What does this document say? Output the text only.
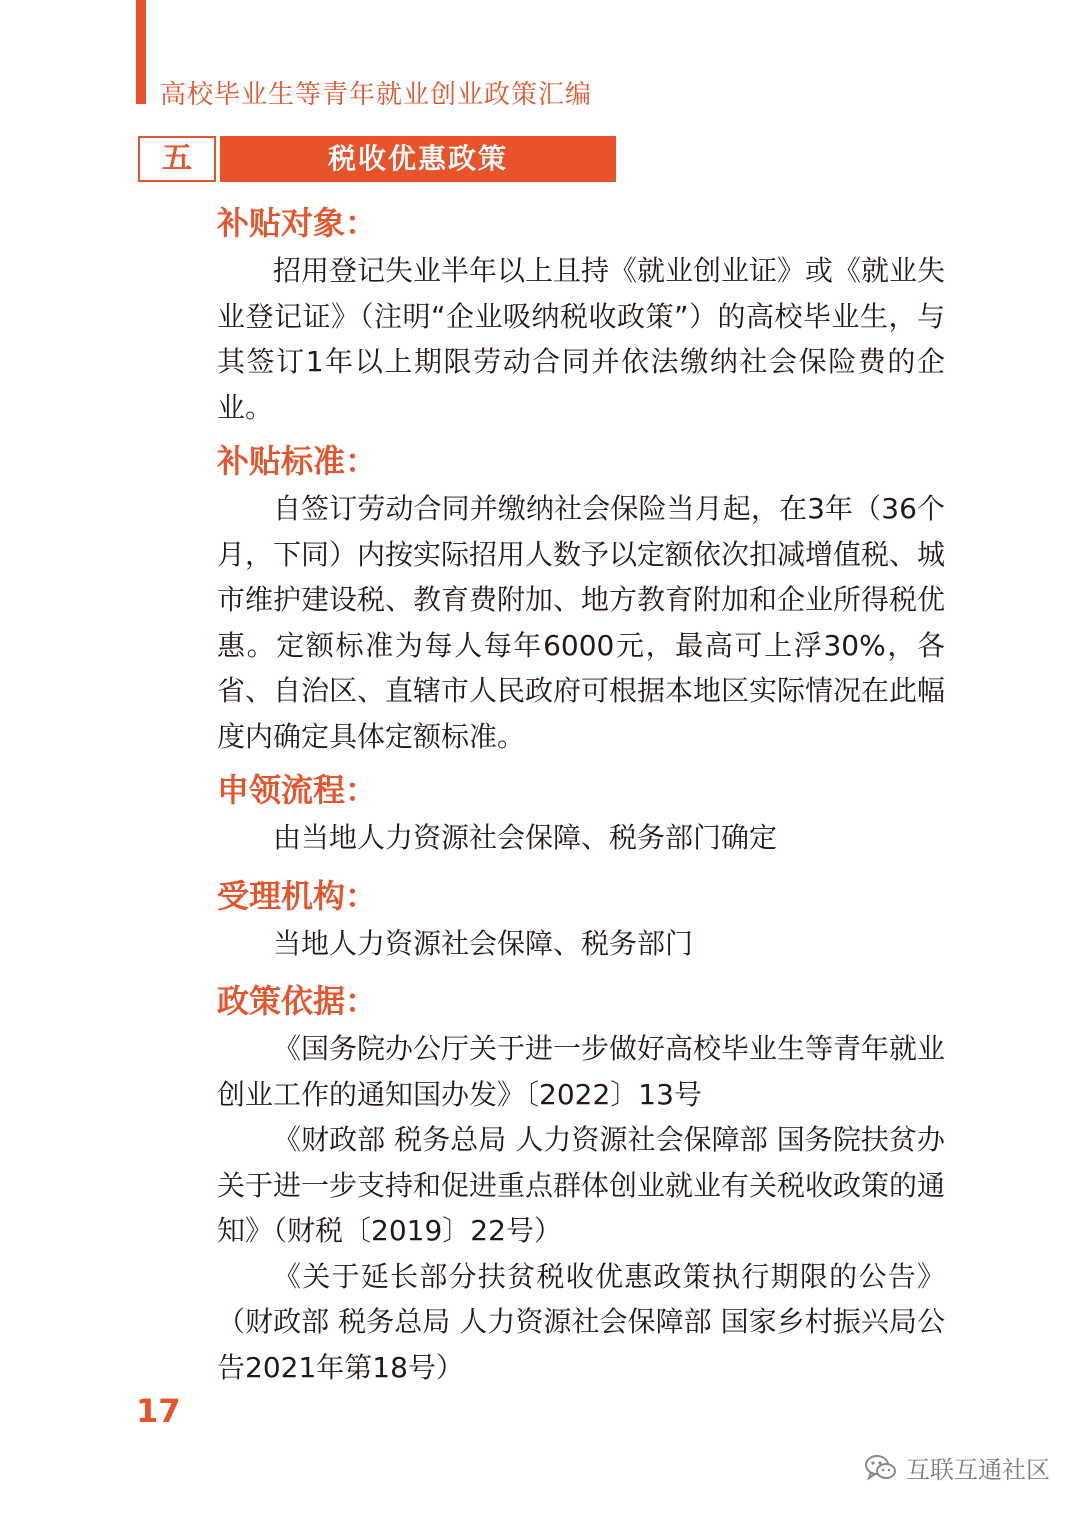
高校毕业生等青年就业创业政策汇编
五	税收优惠政策
补贴对象：

招用登记失业半年以上且持《就业创业证》或《就业失业登记证》（注明“企业吸纳税收政策”）的高校毕业生，与其签订1年以上期限劳动合同并依法缴纳社会保险费的企业。

补贴标准：

自签订劳动合同并缴纳社会保险当月起，在3年（36个月，下同）内按实际招用人数予以定额依次扣减增值税、城市维护建设税、教育费附加、地方教育附加和企业所得税优惠。定额标准为每人每年6000元，最高可上浮30%，各省、自治区、直辖市人民政府可根据本地区实际情况在此幅度内确定具体定额标准。

申领流程：

由当地人力资源社会保障、税务部门确定

受理机构：

当地人力资源社会保障、税务部门

政策依据：

《国务院办公厅关于进一步做好高校毕业生等青年就业创业工作的通知国办发》〔2022〕13号

《财政部 税务总局 人力资源社会保障部 国务院扶贫办关于进一步支持和促进重点群体创业就业有关税收政策的通知》（财税〔2019〕22号）

《关于延长部分扶贫税收优惠政策执行期限的公告》（财政部 税务总局 人力资源社会保障部 国家乡村振兴局公告2021年第18号）

17
互联互通社区
